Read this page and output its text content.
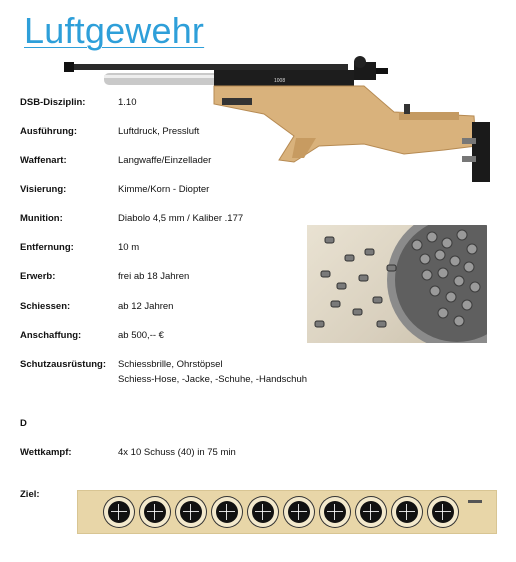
Luftgewehr
1008
DSB-Disziplin:	1.10
Ausführung:	Luftdruck, Pressluft
Waffenart:	Langwaffe/Einzellader
Visierung:	Kimme/Korn - Diopter
Munition:	Diabolo 4,5 mm / Kaliber .177
Entfernung:	10 m
Erwerb:	frei ab 18 Jahren
Schiessen:	ab 12 Jahren
Anschaffung:	ab 500,-- €
Schutzausrüstung:	Schiessbrille, Ohrstöpsel
Schiess-Hose, -Jacke, -Schuhe, -Handschuh
D
Wettkampf:	4x 10 Schuss (40) in 75 min
Ziel:
